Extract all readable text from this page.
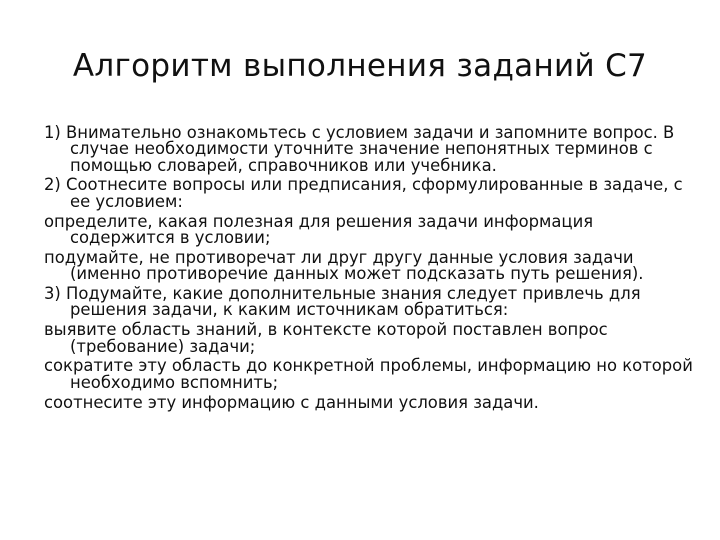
Алгоритм выполнения заданий С7

1) Внимательно ознакомьтесь с условием задачи и запомните вопрос. В случае необходимости уточните значение непонятных терминов с помощью словарей, справочников или учебника.

2) Соотнесите вопросы или предписания, сформулированные в задаче, с ее условием:

определите, какая полезная для решения задачи информация содержится в условии;

подумайте, не противоречат ли друг другу данные условия задачи (именно противоречие данных может подсказать путь решения).

3) Подумайте, какие дополнительные знания следует привлечь для решения задачи, к каким источникам обратиться:

выявите область знаний, в контексте которой поставлен вопрос (требование) задачи;

сократите эту область до конкретной проблемы, информацию но которой необходимо вспомнить;

соотнесите эту информацию с данными условия задачи.
